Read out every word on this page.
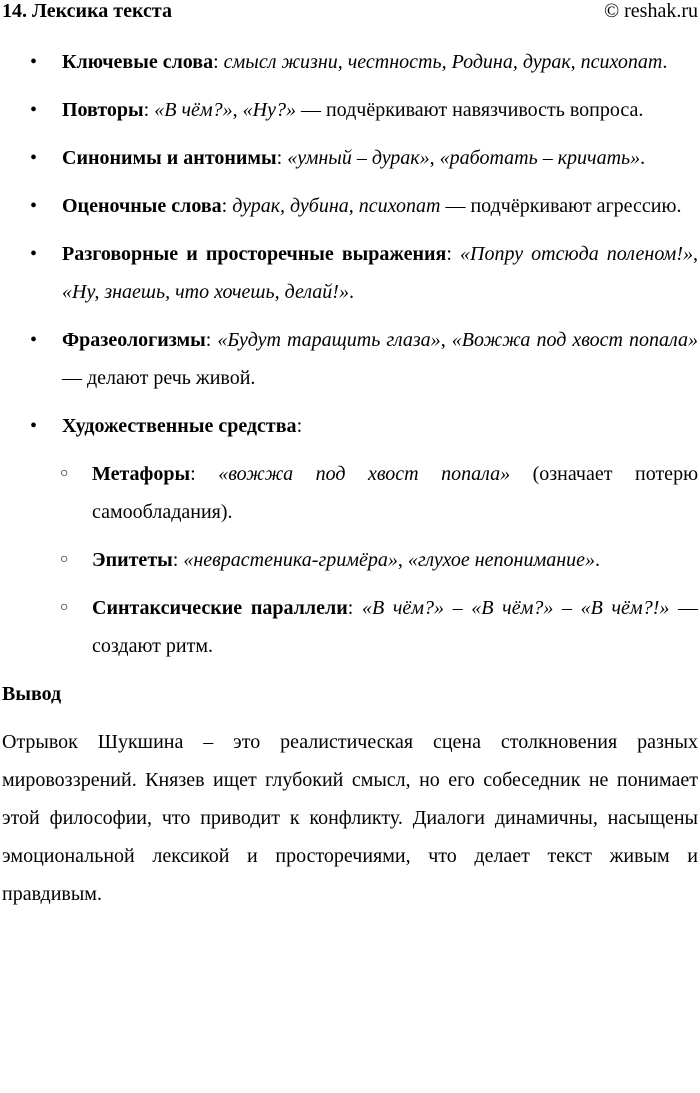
14. Лексика текста	© reshak.ru
• Ключевые слова: смысл жизни, честность, Родина, дурак, психопат.
• Повторы: «В чём?», «Ну?» — подчёркивают навязчивость вопроса.
• Синонимы и антонимы: «умный – дурак», «работать – кричать».
• Оценочные слова: дурак, дубина, психопат — подчёркивают агрессию.
• Разговорные и просторечные выражения: «Попру отсюда поленом!», «Ну, знаешь, что хочешь, делай!».
• Фразеологизмы: «Будут таращить глаза», «Вожжа под хвост попала» — делают речь живой.
• Художественные средства:
○ Метафоры: «вожжа под хвост попала» (означает потерю самообладания).
○ Эпитеты: «неврастеника-гримёра», «глухое непонимание».
○ Синтаксические параллели: «В чём?» – «В чём?» – «В чём?!» — создают ритм.
Вывод
Отрывок Шукшина – это реалистическая сцена столкновения разных мировоззрений. Князев ищет глубокий смысл, но его собеседник не понимает этой философии, что приводит к конфликту. Диалоги динамичны, насыщены эмоциональной лексикой и просторечиями, что делает текст живым и правдивым.
